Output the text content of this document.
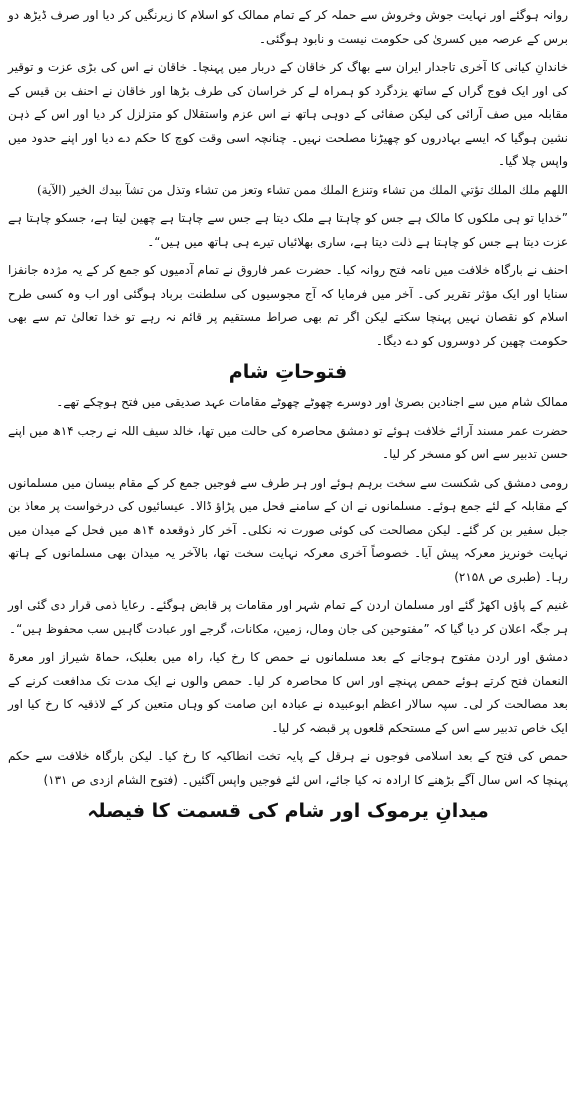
روانہ ہوگئے اور نہایت جوش وخروش سے حملہ کر کے تمام ممالک کو اسلام کا زیرنگیں کر دیا اور صرف ڈیڑھ دو برس کے عرصہ میں کسریٰ کی حکومت نیست و نابود ہوگئی۔

خاندانِ کیانی کا آخری تاجدار ایران سے بھاگ کر خاقان کے دربار میں پہنچا۔ خاقان نے اس کی بڑی عزت و توقیر کی اور ایک فوج گراں کے ساتھ یزدگرد کو ہمراہ لے کر خراسان کی طرف بڑھا اور خاقان نے احنف بن قیس کے مقابلہ میں صف آرائی کی لیکن صفائی کے دوہی ہاتھ نے اس عزم واستقلال کو متزلزل کر دیا اور اس کے ذہن نشین ہوگیا کہ ایسے بہادروں کو چھیڑنا مصلحت نہیں۔ چنانچہ اسی وقت کوچ کا حکم دے دیا اور اپنے حدود میں واپس چلا گیا۔

اللهم ملك الملك تؤتي الملك من تشاء وتنزع الملك ممن تشاء وتعز من تشاء وتذل من تشآ بيدك الخير (الآية)

”خدایا تو ہی ملکوں کا مالک ہے جس کو چاہتا ہے ملک دیتا ہے جس سے چاہتا ہے چھین لیتا ہے، جسکو چاہتا ہے عزت دیتا ہے جس کو چاہتا ہے ذلت دیتا ہے، ساری بھلائیاں تیرے ہی ہاتھ میں ہیں“۔

احنف نے بارگاہ خلافت میں نامہ فتح روانہ کیا۔ حضرت عمر فاروق نے تمام آدمیوں کو جمع کر کے یہ مژدہ جانفزا سنایا اور ایک مؤثر تقریر کی۔ آخر میں فرمایا کہ آج مجوسیوں کی سلطنت برباد ہوگئی اور اب وہ کسی طرح اسلام کو نقصان نہیں پہنچا سکتے لیکن اگر تم بھی صراط مستقیم پر قائم نہ رہے تو خدا تعالیٰ تم سے بھی حکومت چھین کر دوسروں کو دے دیگا۔

فتوحاتِ شام

ممالک شام میں سے اجنادین بصریٰ اور دوسرے چھوٹے چھوٹے مقامات عہد صدیقی میں فتح ہوچکے تھے۔

حضرت عمر مسند آرائے خلافت ہوئے تو دمشق محاصرہ کی حالت میں تھا، خالد سیف اللہ نے رجب ۱۴ھ میں اپنے حسن تدبیر سے اس کو مسخر کر لیا۔

رومی دمشق کی شکست سے سخت برہم ہوئے اور ہر طرف سے فوجیں جمع کر کے مقام بیسان میں مسلمانوں کے مقابلہ کے لئے جمع ہوئے۔ مسلمانوں نے ان کے سامنے فحل میں پڑاؤ ڈالا۔ عیسائیوں کی درخواست پر معاذ بن جبل سفیر بن کر گئے۔ لیکن مصالحت کی کوئی صورت نہ نکلی۔ آخر کار ذوقعدہ ۱۴ھ میں فحل کے میدان میں نہایت خونریز معرکہ پیش آیا۔ خصوصاً آخری معرکہ نہایت سخت تھا، بالآخر یہ میدان بھی مسلمانوں کے ہاتھ رہا۔ (طبری ص ۲۱۵۸)

غنیم کے پاؤں اکھڑ گئے اور مسلمان اردن کے تمام شہر اور مقامات پر قابض ہوگئے۔ رعایا ذمی قرار دی گئی اور ہر جگہ اعلان کر دیا گیا کہ ”مفتوحین کی جان ومال، زمین، مکانات، گرجے اور عبادت گاہیں سب محفوظ ہیں“۔

دمشق اور اردن مفتوح ہوجانے کے بعد مسلمانوں نے حمص کا رخ کیا، راہ میں بعلبک، حماۃ شیراز اور معرۃ النعمان فتح کرتے ہوئے حمص پہنچے اور اس کا محاصرہ کر لیا۔ حمص والوں نے ایک مدت تک مدافعت کرنے کے بعد مصالحت کر لی۔ سپہ سالار اعظم ابوعبیدہ نے عبادہ ابن صامت کو وہاں متعین کر کے لاذقیہ کا رخ کیا اور ایک خاص تدبیر سے اس کے مستحکم قلعوں پر قبضہ کر لیا۔

حمص کی فتح کے بعد اسلامی فوجوں نے ہرقل کے پایہ تخت انطاکیہ کا رخ کیا۔ لیکن بارگاہ خلافت سے حکم پہنچا کہ اس سال آگے بڑھنے کا ارادہ نہ کیا جائے، اس لئے فوجیں واپس آگئیں۔ (فتوح الشام ازدی ص ۱۳۱)

میدانِ یرموک اور شام کی قسمت کا فیصلہ
